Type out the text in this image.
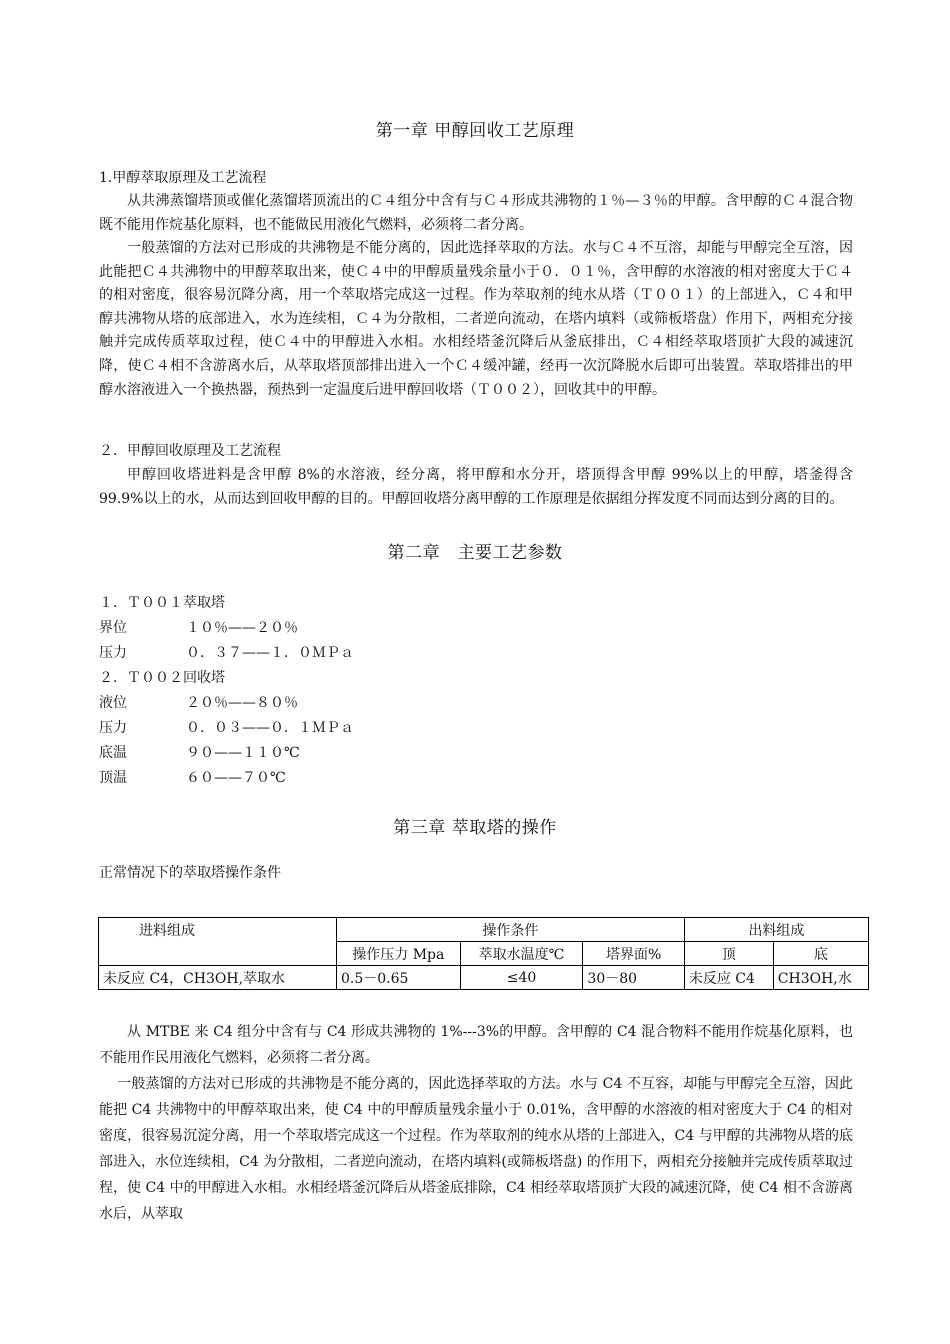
第一章 甲醇回收工艺原理
1.甲醇萃取原理及工艺流程
从共沸蒸馏塔顶或催化蒸馏塔顶流出的Ｃ４组分中含有与Ｃ４形成共沸物的１％—３％的甲醇。含甲醇的Ｃ４混合物既不能用作烷基化原料，也不能做民用液化气燃料，必须将二者分离。
一般蒸馏的方法对已形成的共沸物是不能分离的，因此选择萃取的方法。水与Ｃ４不互溶，却能与甲醇完全互溶，因此能把Ｃ４共沸物中的甲醇萃取出来，使Ｃ４中的甲醇质量残余量小于０．０１％，含甲醇的水溶液的相对密度大于Ｃ４的相对密度，很容易沉降分离，用一个萃取塔完成这一过程。作为萃取剂的纯水从塔（Ｔ００１）的上部进入，Ｃ４和甲醇共沸物从塔的底部进入，水为连续相，Ｃ４为分散相，二者逆向流动，在塔内填料（或筛板塔盘）作用下，两相充分接触并完成传质萃取过程，使Ｃ４中的甲醇进入水相。水相经塔釜沉降后从釜底排出，Ｃ４相经萃取塔顶扩大段的减速沉降，使Ｃ４相不含游离水后，从萃取塔顶部排出进入一个Ｃ４缓冲罐，经再一次沉降脱水后即可出装置。萃取塔排出的甲醇水溶液进入一个换热器，预热到一定温度后进甲醇回收塔（Ｔ００２），回收其中的甲醇。
２．甲醇回收原理及工艺流程
甲醇回收塔进料是含甲醇 8%的水溶液，经分离，将甲醇和水分开，塔顶得含甲醇 99%以上的甲醇，塔釜得含 99.9%以上的水，从而达到回收甲醇的目的。甲醇回收塔分离甲醇的工作原理是依据组分挥发度不同而达到分离的目的。
第二章　主要工艺参数
１．Ｔ００１萃取塔
界位	１０％——２０％
压力	０．３７——１．０ＭＰａ
２．Ｔ００２回收塔
液位	２０％——８０％
压力	０．０３——０．１ＭＰａ
底温	９０——１１０℃
顶温	６０——７０℃
第三章 萃取塔的操作
正常情况下的萃取塔操作条件
进料组成	操作条件			出料组成	
	操作压力 Mpa	萃取水温度℃	塔界面%	顶	底
未反应 C4，CH3OH,萃取水	0.5－0.65	≤40	30－80	未反应 C4	CH3OH,水
从 MTBE 来 C4 组分中含有与 C4 形成共沸物的 1%---3%的甲醇。含甲醇的 C4 混合物料不能用作烷基化原料，也不能用作民用液化气燃料，必须将二者分离。
一般蒸馏的方法对已形成的共沸物是不能分离的，因此选择萃取的方法。水与 C4 不互容，却能与甲醇完全互溶，因此能把 C4 共沸物中的甲醇萃取出来，使 C4 中的甲醇质量残余量小于 0.01%，含甲醇的水溶液的相对密度大于 C4 的相对密度，很容易沉淀分离，用一个萃取塔完成这一个过程。作为萃取剂的纯水从塔的上部进入，C4 与甲醇的共沸物从塔的底部进入，水位连续相，C4 为分散相，二者逆向流动，在塔内填料(或筛板塔盘) 的作用下，两相充分接触并完成传质萃取过程，使 C4 中的甲醇进入水相。水相经塔釜沉降后从塔釜底排除，C4 相经萃取塔顶扩大段的减速沉降，使 C4 相不含游离水后，从萃取
